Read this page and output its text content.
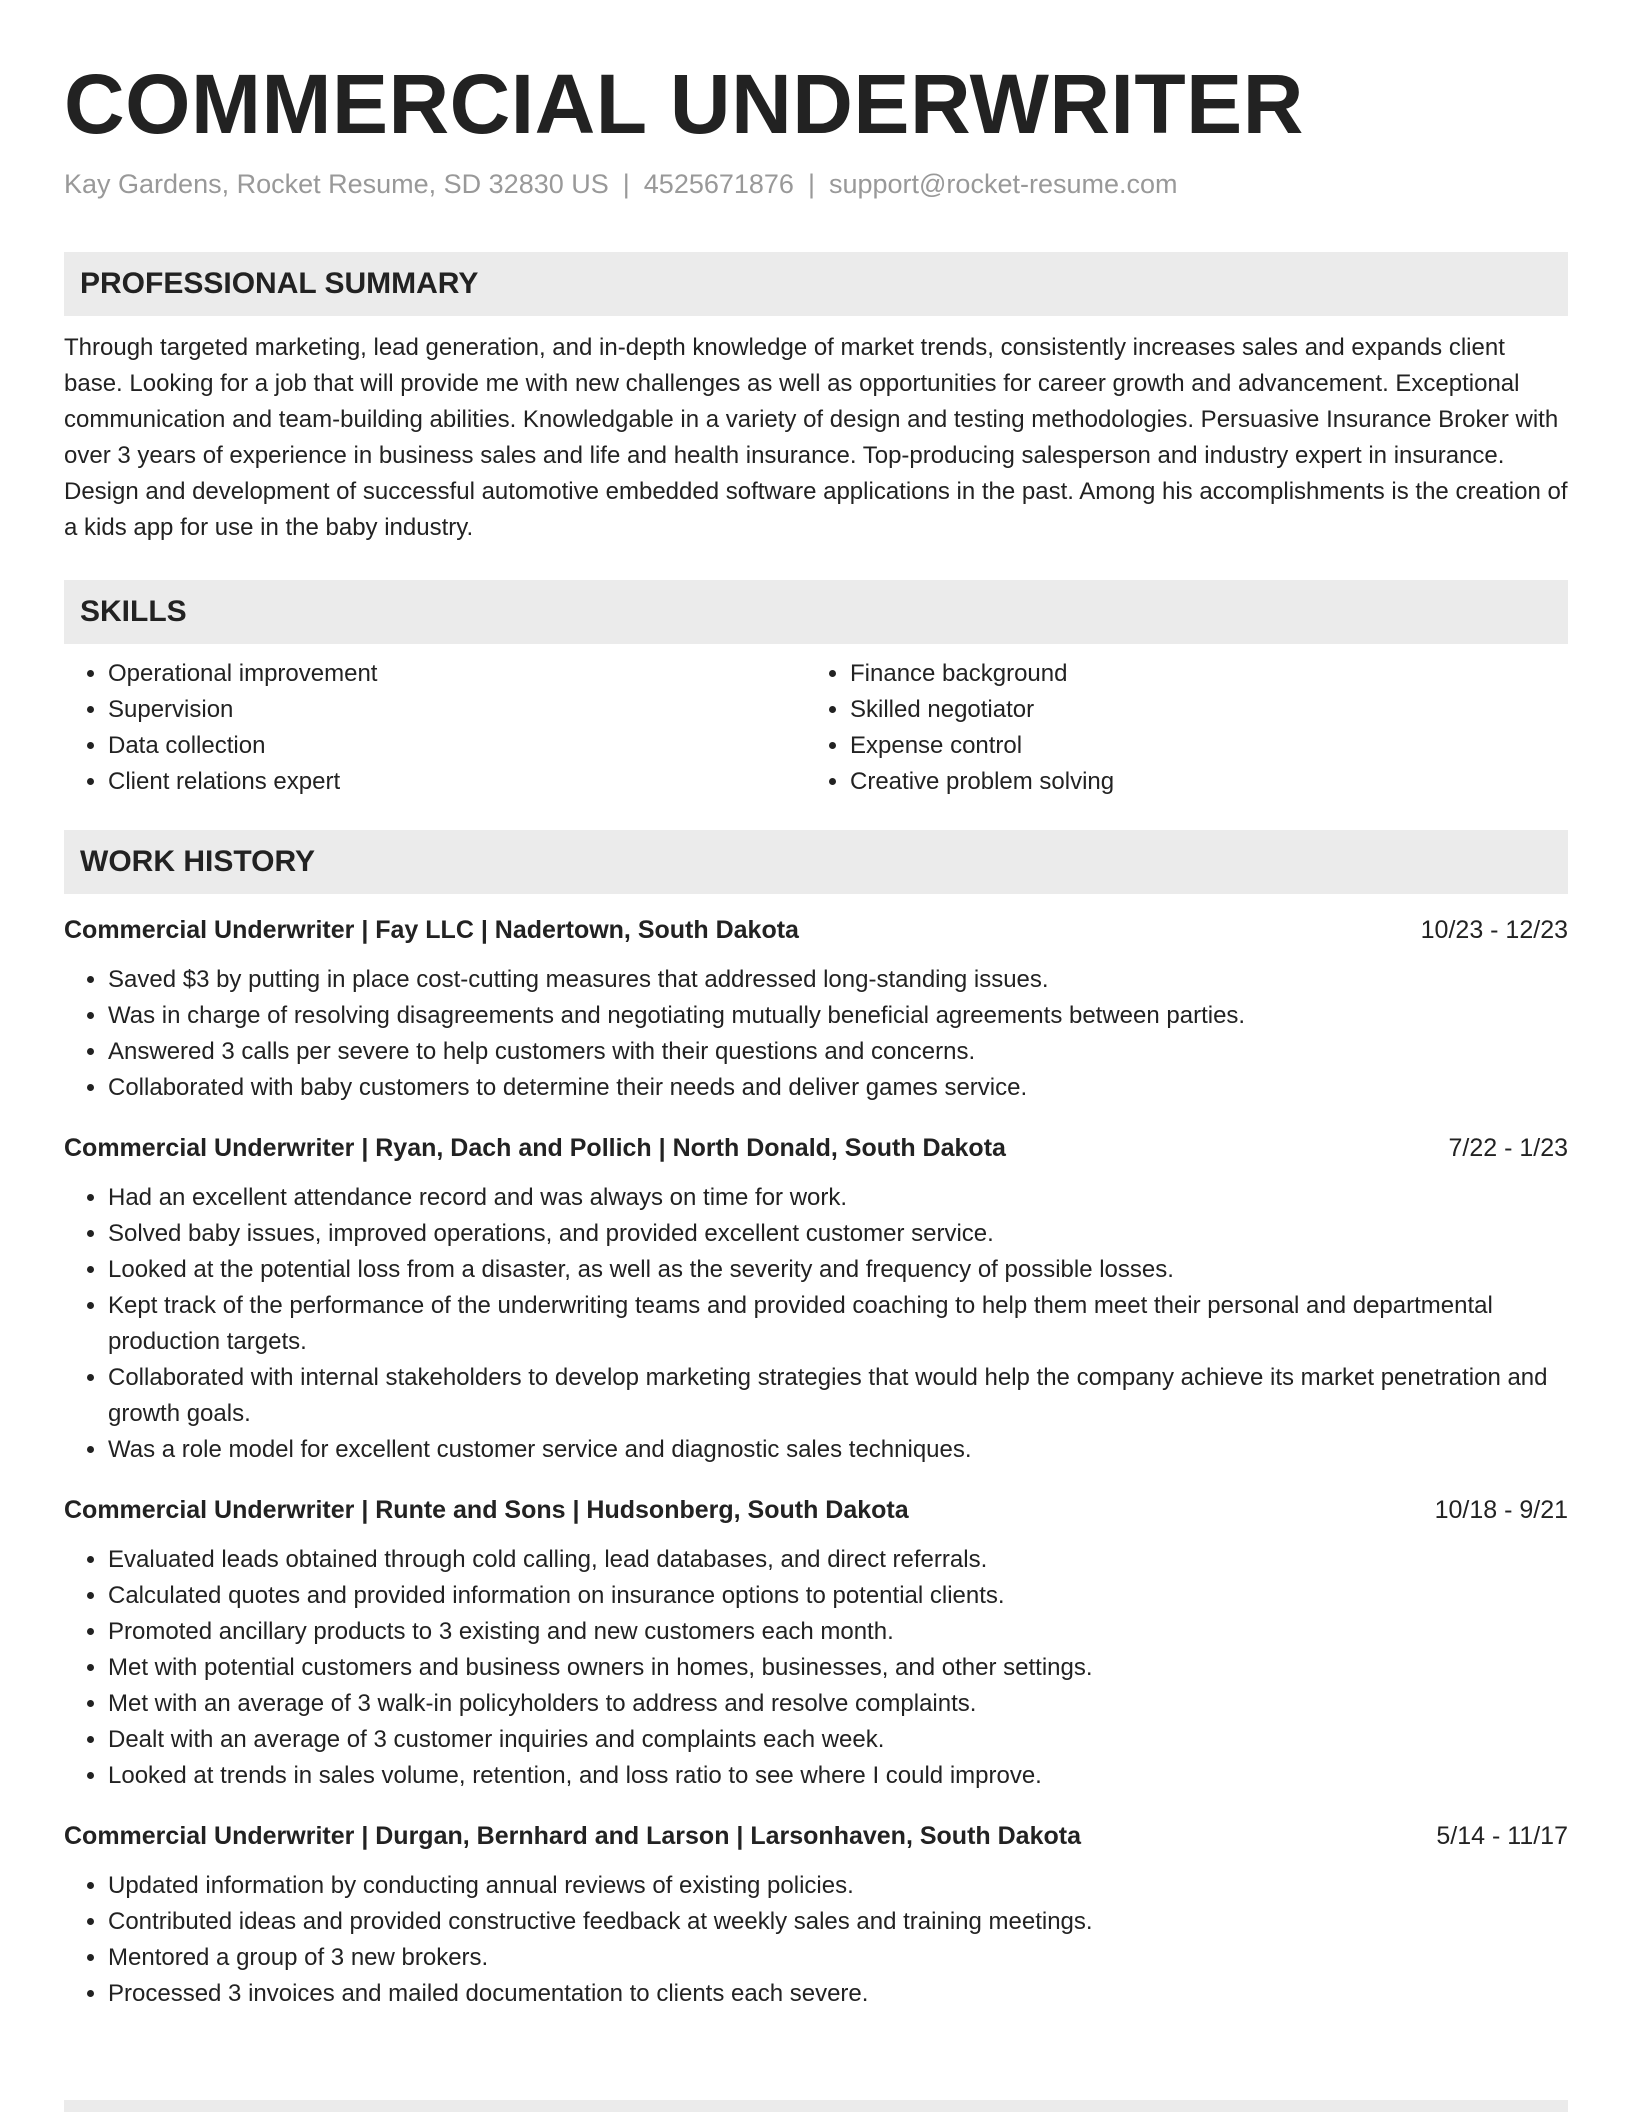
COMMERCIAL UNDERWRITER
Kay Gardens, Rocket Resume, SD 32830 US | 4525671876 | support@rocket-resume.com
PROFESSIONAL SUMMARY

Through targeted marketing, lead generation, and in-depth knowledge of market trends, consistently increases sales and expands client base. Looking for a job that will provide me with new challenges as well as opportunities for career growth and advancement. Exceptional communication and team-building abilities. Knowledgable in a variety of design and testing methodologies. Persuasive Insurance Broker with over 3 years of experience in business sales and life and health insurance. Top-producing salesperson and industry expert in insurance. Design and development of successful automotive embedded software applications in the past. Among his accomplishments is the creation of a kids app for use in the baby industry.

SKILLS
• Operational improvement
• Supervision
• Data collection
• Client relations expert
• Finance background
• Skilled negotiator
• Expense control
• Creative problem solving
WORK HISTORY
Commercial Underwriter | Fay LLC | Nadertown, South Dakota	10/23 - 12/23
• Saved $3 by putting in place cost-cutting measures that addressed long-standing issues.
• Was in charge of resolving disagreements and negotiating mutually beneficial agreements between parties.
• Answered 3 calls per severe to help customers with their questions and concerns.
• Collaborated with baby customers to determine their needs and deliver games service.
Commercial Underwriter | Ryan, Dach and Pollich | North Donald, South Dakota	7/22 - 1/23
• Had an excellent attendance record and was always on time for work.
• Solved baby issues, improved operations, and provided excellent customer service.
• Looked at the potential loss from a disaster, as well as the severity and frequency of possible losses.
• Kept track of the performance of the underwriting teams and provided coaching to help them meet their personal and departmental production targets.
• Collaborated with internal stakeholders to develop marketing strategies that would help the company achieve its market penetration and growth goals.
• Was a role model for excellent customer service and diagnostic sales techniques.
Commercial Underwriter | Runte and Sons | Hudsonberg, South Dakota	10/18 - 9/21
• Evaluated leads obtained through cold calling, lead databases, and direct referrals.
• Calculated quotes and provided information on insurance options to potential clients.
• Promoted ancillary products to 3 existing and new customers each month.
• Met with potential customers and business owners in homes, businesses, and other settings.
• Met with an average of 3 walk-in policyholders to address and resolve complaints.
• Dealt with an average of 3 customer inquiries and complaints each week.
• Looked at trends in sales volume, retention, and loss ratio to see where I could improve.
Commercial Underwriter | Durgan, Bernhard and Larson | Larsonhaven, South Dakota	5/14 - 11/17
• Updated information by conducting annual reviews of existing policies.
• Contributed ideas and provided constructive feedback at weekly sales and training meetings.
• Mentored a group of 3 new brokers.
• Processed 3 invoices and mailed documentation to clients each severe.
